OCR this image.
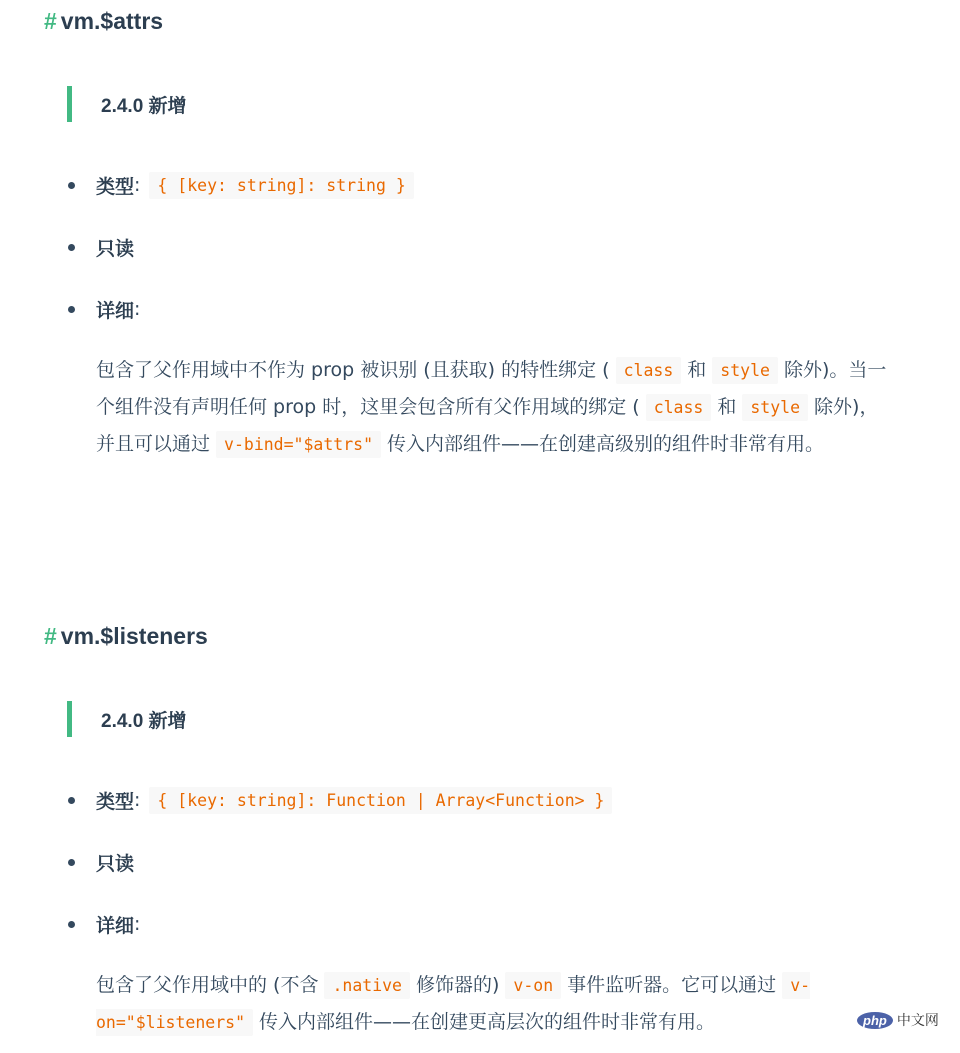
# vm.$attrs
2.4.0 新增
类型 :	{ [key: string]: string }
只读
详细 :
包含了父作用域中不作为 prop 被识别 (且获取) 的特性绑定 ( class 和 style 除外)。当一个组件没有声明任何 prop 时，这里会包含所有父作用域的绑定 ( class 和 style 除外)，并且可以通过 v-bind="$attrs" 传入内部组件——在创建高级别的组件时非常有用。
# vm.$listeners
2.4.0 新增
类型 :	{ [key: string]: Function | Array<Function> }
只读
详细 :
包含了父作用域中的 (不含 .native 修饰器的) v-on 事件监听器。它可以通过 v-on="$listeners" 传入内部组件——在创建更高层次的组件时非常有用。	php 中文网
